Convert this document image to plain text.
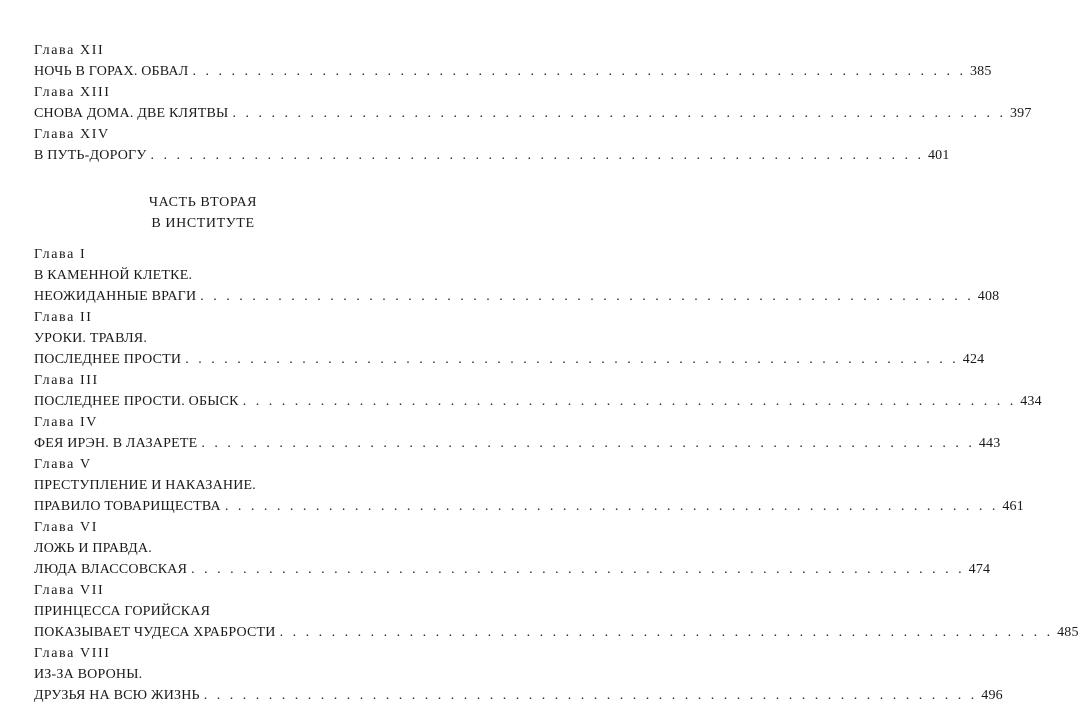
Глава XII
НОЧЬ В ГОРАХ. ОБВАЛ . . . . . . . . . . . . . . . . . . . . . . . . . . . . . . . . . . . . . . . . . . . . . . . . . . . . . . . . . . . . 385
Глава XIII
СНОВА ДОМА. ДВЕ КЛЯТВЫ . . . . . . . . . . . . . . . . . . . . . . . . . . . . . . . . . . . . . . . . . . . . . . . . . . . . . . . . . . . . 397
Глава XIV
В ПУТЬ-ДОРОГУ . . . . . . . . . . . . . . . . . . . . . . . . . . . . . . . . . . . . . . . . . . . . . . . . . . . . . . . . . . . . 401
ЧАСТЬ ВТОРАЯ
В ИНСТИТУТЕ
Глава I
В КАМЕННОЙ КЛЕТКЕ.
НЕОЖИДАННЫЕ ВРАГИ . . . . . . . . . . . . . . . . . . . . . . . . . . . . . . . . . . . . . . . . . . . . . . . . . . . . . . . . . . . . 408
Глава II
УРОКИ. ТРАВЛЯ.
ПОСЛЕДНЕЕ ПРОСТИ . . . . . . . . . . . . . . . . . . . . . . . . . . . . . . . . . . . . . . . . . . . . . . . . . . . . . . . . . . . . 424
Глава III
ПОСЛЕДНЕЕ ПРОСТИ. ОБЫСК . . . . . . . . . . . . . . . . . . . . . . . . . . . . . . . . . . . . . . . . . . . . . . . . . . . . . . . . . . . . 434
Глава IV
ФЕЯ ИРЭН. В ЛАЗАРЕТЕ . . . . . . . . . . . . . . . . . . . . . . . . . . . . . . . . . . . . . . . . . . . . . . . . . . . . . . . . . . . . 443
Глава V
ПРЕСТУПЛЕНИЕ И НАКАЗАНИЕ.
ПРАВИЛО ТОВАРИЩЕСТВА . . . . . . . . . . . . . . . . . . . . . . . . . . . . . . . . . . . . . . . . . . . . . . . . . . . . . . . . . . . . 461
Глава VI
ЛОЖЬ И ПРАВДА.
ЛЮДА ВЛАССОВСКАЯ . . . . . . . . . . . . . . . . . . . . . . . . . . . . . . . . . . . . . . . . . . . . . . . . . . . . . . . . . . . . 474
Глава VII
ПРИНЦЕССА ГОРИЙСКАЯ
ПОКАЗЫВАЕТ ЧУДЕСА ХРАБРОСТИ . . . . . . . . . . . . . . . . . . . . . . . . . . . . . . . . . . . . . . . . . . . . . . . . . . . . . . . . . . . . 485
Глава VIII
ИЗ-ЗА ВОРОНЫ.
ДРУЗЬЯ НА ВСЮ ЖИЗНЬ . . . . . . . . . . . . . . . . . . . . . . . . . . . . . . . . . . . . . . . . . . . . . . . . . . . . . . . . . . . . 496
